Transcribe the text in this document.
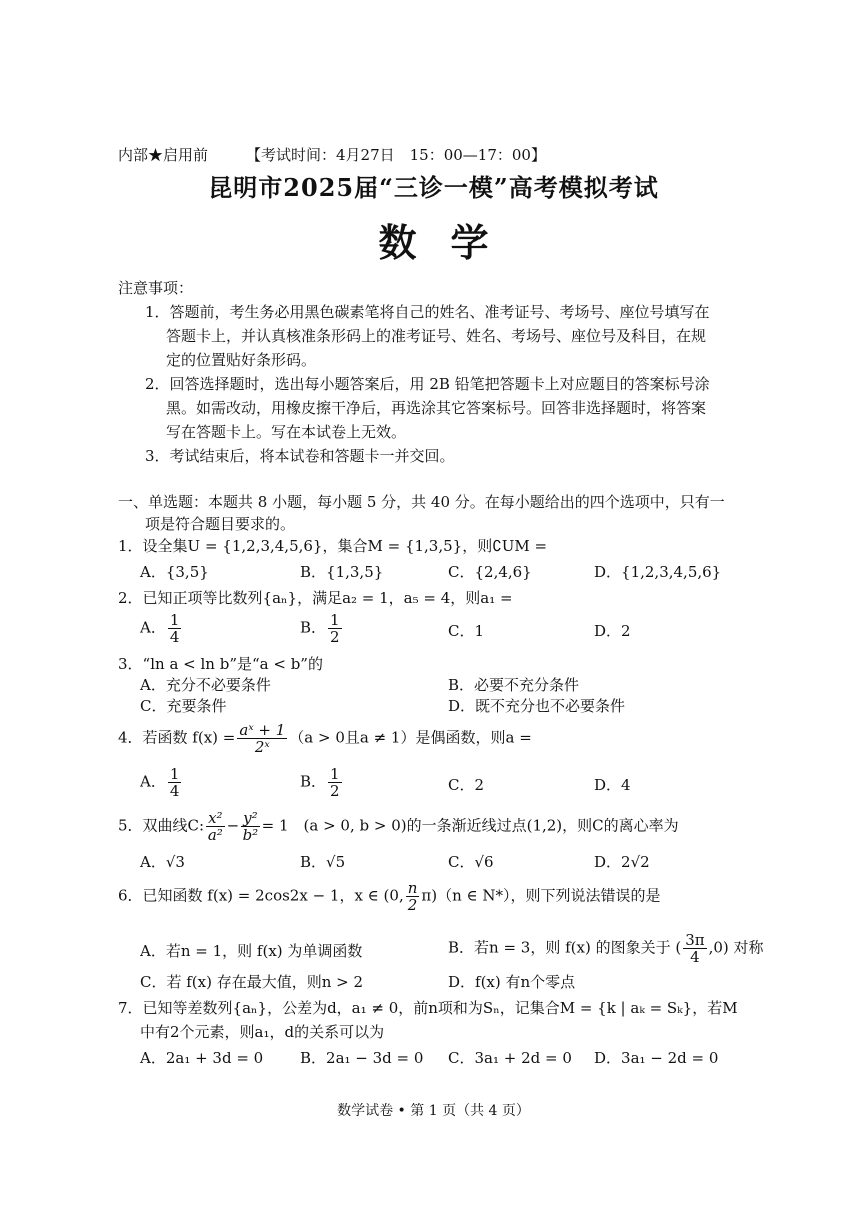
内部★启用前	【考试时间：4月27日　15：00—17：00】
昆明市2025届“三诊一模”高考模拟考试
数学
注意事项：
1．答题前，考生务必用黑色碳素笔将自己的姓名、准考证号、考场号、座位号填写在
答题卡上，并认真核准条形码上的准考证号、姓名、考场号、座位号及科目，在规
定的位置贴好条形码。
2．回答选择题时，选出每小题答案后，用 2B 铅笔把答题卡上对应题目的答案标号涂
黑。如需改动，用橡皮擦干净后，再选涂其它答案标号。回答非选择题时，将答案
写在答题卡上。写在本试卷上无效。
3．考试结束后，将本试卷和答题卡一并交回。
一、单选题：本题共 8 小题，每小题 5 分，共 40 分。在每小题给出的四个选项中，只有一
项是符合题目要求的。
1．设全集U = {1,2,3,4,5,6}，集合M = {1,3,5}，则∁UM =
A．{3,5}	B．{1,3,5}	C．{2,4,6}	D．{1,2,3,4,5,6}
2．已知正项等比数列{aₙ}，满足a₂ = 1，a₅ = 4，则a₁ =
A． $\frac{1}{4}$	B． $\frac{1}{2}$	C．1	D．2
3．“ln a < ln b”是“a < b”的
A．充分不必要条件	B．必要不充分条件
C．充要条件	D．既不充分也不必要条件
4．若函数 $f(x) = \frac{\text{aˣ + 1}}{\text{2ˣ}} (a > 0$且a ≠ 1）是偶函数，则a =
A． $\frac{1}{4}$	B． $\frac{1}{2}$	C．2	D．4
5．双曲线C: $\frac{\text{x²}}{\text{a²}} - \frac{\text{y²}}{\text{b²}} = 1$　(a > 0, b > 0)的一条渐近线过点(1,2)，则C的离心率为
A．√3	B．√5	C．√6	D．2√2
6．已知函数 f(x) = 2cos2x − 1，x ∈ (0, $\frac{n}{2} \pi)(n$ ∈ N*），则下列说法错误的是
A．若n = 1，则 f(x) 为单调函数	B．若n = 3，则 f(x) 的图象关于 ( $\frac{3\pi}{4} ,0$) 对称
C．若 f(x) 存在最大值，则n > 2	D．f(x) 有n个零点
7．已知等差数列{aₙ}，公差为d，a₁ ≠ 0，前n项和为Sₙ，记集合M = {k | aₖ = Sₖ}，若M
中有2个元素，则a₁，d的关系可以为
A．2a₁ + 3d = 0 B．2a₁ − 3d = 0 C．3a₁ + 2d = 0 D．3a₁ − 2d = 0
数学试卷 • 第 1 页（共 4 页）
